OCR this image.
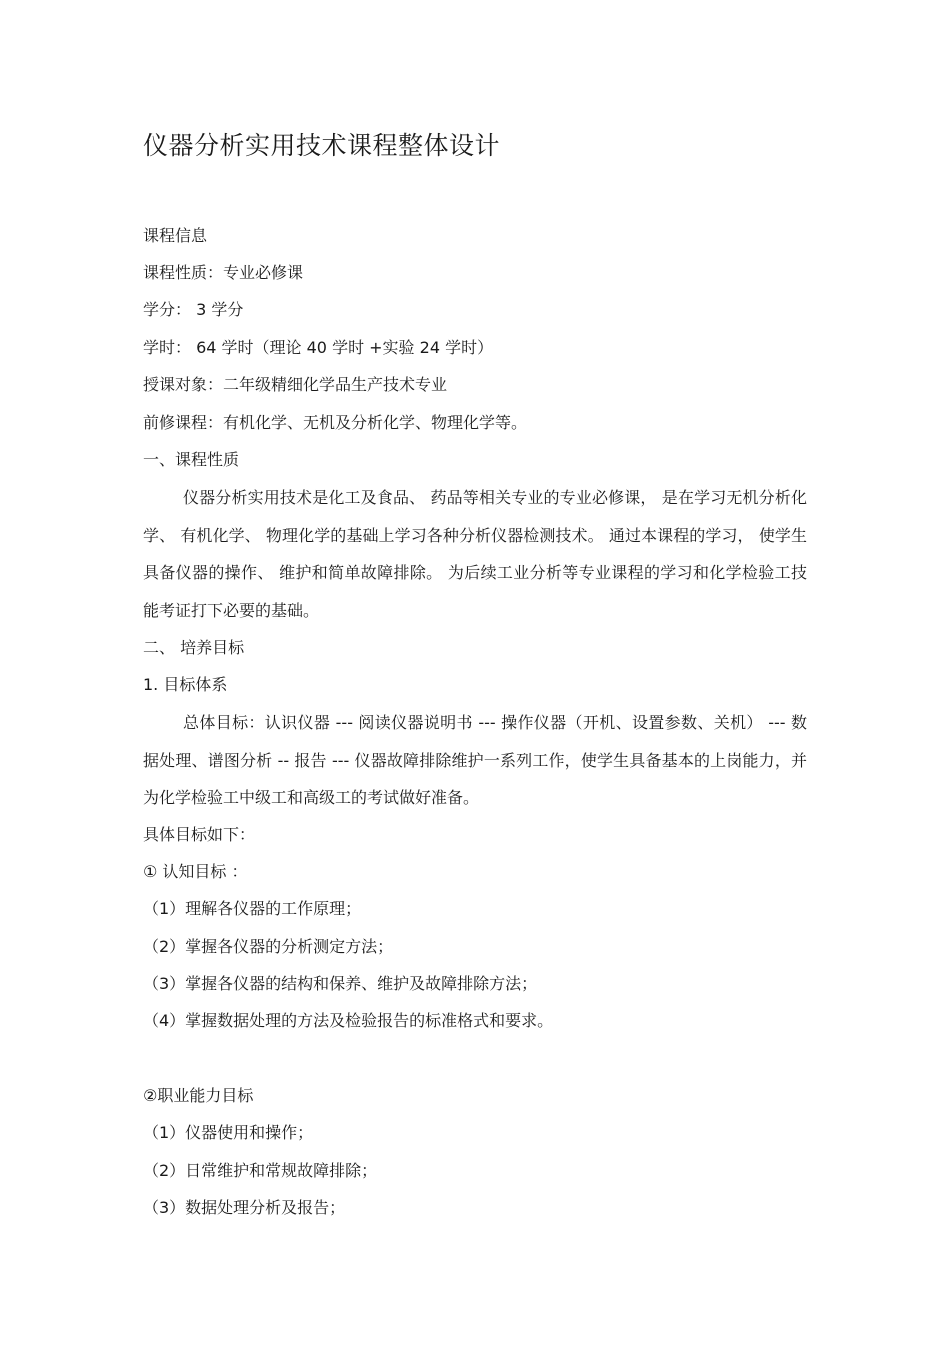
仪器分析实用技术课程整体设计
课程信息
课程性质：专业必修课
学分： 3 学分
学时： 64 学时（理论 40 学时 +实验 24 学时）
授课对象：二年级精细化学品生产技术专业
前修课程：有机化学、无机及分析化学、物理化学等。
一、课程性质

仪器分析实用技术是化工及食品、 药品等相关专业的专业必修课， 是在学习无机分析化学、 有机化学、 物理化学的基础上学习各种分析仪器检测技术。 通过本课程的学习， 使学生具备仪器的操作、 维护和简单故障排除。 为后续工业分析等专业课程的学习和化学检验工技能考证打下必要的基础。

二、 培养目标
1. 目标体系

总体目标：认识仪器 --- 阅读仪器说明书 --- 操作仪器（开机、设置参数、关机） --- 数据处理、谱图分析 -- 报告 --- 仪器故障排除维护一系列工作，使学生具备基本的上岗能力，并为化学检验工中级工和高级工的考试做好准备。

具体目标如下：
① 认知目标 ：
（1）理解各仪器的工作原理；
（2）掌握各仪器的分析测定方法；
（3）掌握各仪器的结构和保养、维护及故障排除方法；
（4）掌握数据处理的方法及检验报告的标准格式和要求。
②职业能力目标
（1）仪器使用和操作；
（2）日常维护和常规故障排除；
（3）数据处理分析及报告；
